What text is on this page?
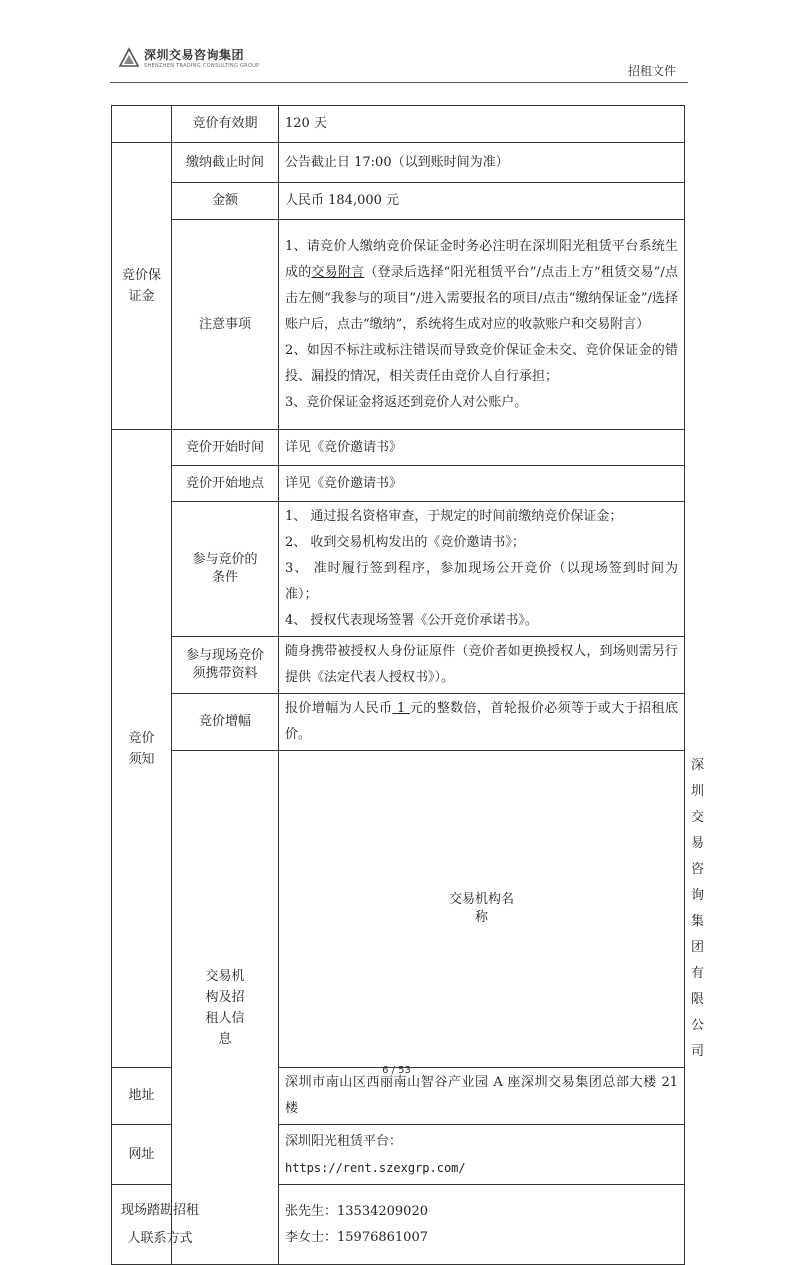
深圳交易咨询集团
SHENZHEN TRADING CONSULTING GROUP	招租文件
	竞价有效期	120 天	

竞价保证金	缴纳截止时间	公告截止日 17:00（以到账时间为准）	
	金额	人民币 184,000 元	
	注意事项	1、请竞价人缴纳竞价保证金时务必注明在深圳阳光租赁平台系统生成的交易附言（登录后选择“阳光租赁平台”/点击上方“租赁交易”/点击左侧“我参与的项目”/进入需要报名的项目/点击“缴纳保证金”/选择账户后，点击“缴纳”，系统将生成对应的收款账户和交易附言）

2、如因不标注或标注错误而导致竞价保证金未交、竞价保证金的错投、漏投的情况，相关责任由竞价人自行承担；

3、竞价保证金将返还到竞价人对公账户。	

竞价须知	竞价开始时间	详见《竞价邀请书》	
	竞价开始地点	详见《竞价邀请书》	

	参与竞价的条件	1、 通过报名资格审查，于规定的时间前缴纳竞价保证金；

2、 收到交易机构发出的《竞价邀请书》；

3、 准时履行签到程序，参加现场公开竞价（以现场签到时间为准）；

4、 授权代表现场签署《公开竞价承诺书》。	

	参与现场竞价须携带资料	随身携带被授权人身份证原件（竞价者如更换授权人，到场则需另行提供《法定代表人授权书》）。	
	竞价增幅	报价增幅为人民币 1 元的整数倍，首轮报价必须等于或大于招租底价。	

	交易机构及招租人信息	交易机构名称	深圳交易咨询集团有限公司
地址		深圳市南山区西丽南山智谷产业园 A 座深圳交易集团总部大楼 21 楼	
网址		深圳阳光租赁平台：

https://rent.szexgrp.com/	

现场踏勘招租人联系方式		张先生：13534209020

李女士：15976861007	

6 / 53
